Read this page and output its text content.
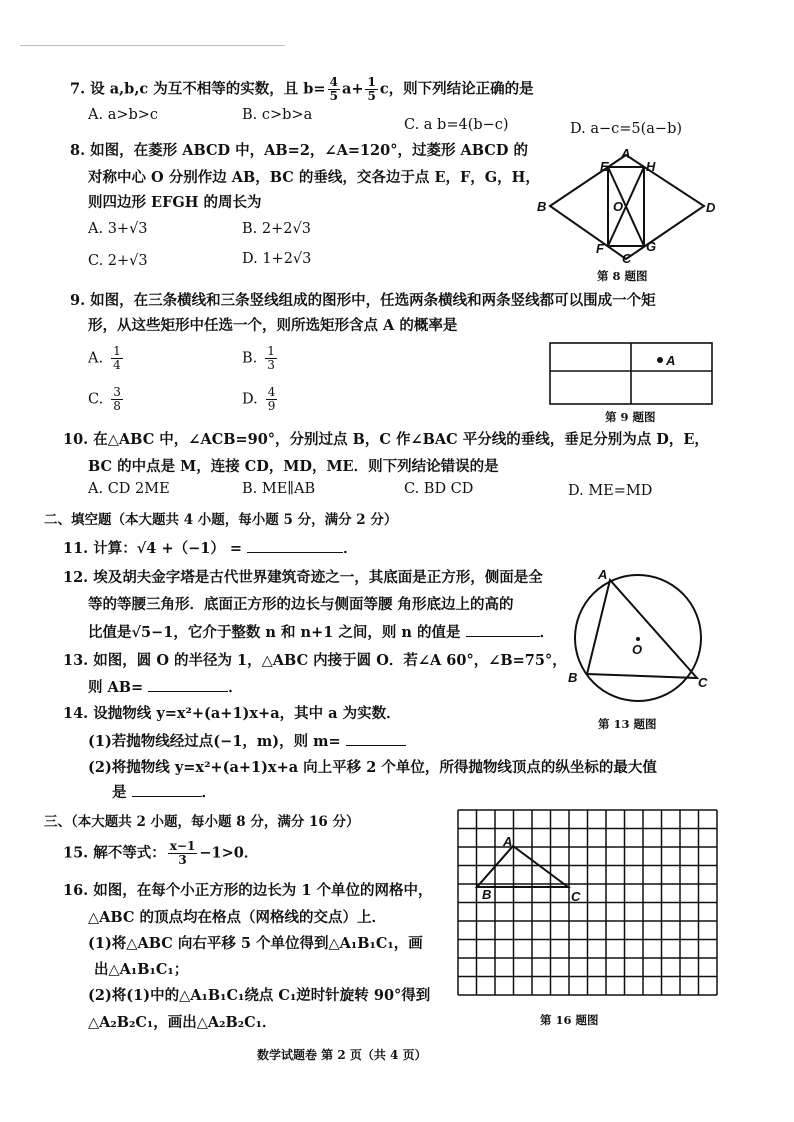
7. 设 a,b,c 为互不相等的实数，且 $b= \frac{4}{5} a+ \frac{1}{5}$ c，则下列结论正确的是
A. a>b>c	B. c>b>a
C. a b=4(b−c)	D. a−c=5(a−b)
8. 如图，在菱形 ABCD 中，AB=2，∠A=120°，过菱形 ABCD 的
对称中心 O 分别作边 AB，BC 的垂线，交各边于点 E，F，G，H，
则四边形 EFGH 的周长为
A. 3+√3	B. 2+2√3
C. 2+√3	D. 1+2√3
E
A
H
B	O	D
F
C
G
第 8 题图
9. 如图，在三条横线和三条竖线组成的图形中，任选两条横线和两条竖线都可以围成一个矩
形，从这些矩形中任选一个，则所选矩形含点 A 的概率是
A. $\frac{1}{4}$	B. $\frac{1}{3}$
C. $\frac{3}{8}$	D. $\frac{4}{9}$
A
第 9 题图
10. 在△ABC 中，∠ACB=90°，分别过点 B，C 作∠BAC 平分线的垂线，垂足分别为点 D，E，
BC 的中点是 M，连接 CD，MD，ME．则下列结论错误的是
A. CD 2ME	B. ME∥AB	C. BD CD	D. ME=MD
二、填空题（本大题共 4 小题，每小题 5 分，满分 2 分）
11. 计算：√4 +（−1） =	．
12. 埃及胡夫金字塔是古代世界建筑奇迹之一，其底面是正方形，侧面是全
等的等腰三角形．底面正方形的边长与侧面等腰 角形底边上的高的
比值是√5−1，它介于整数 n 和 n+1 之间，则 n 的值是	．
13. 如图，圆 O 的半径为 1，△ABC 内接于圆 O．若∠A 60°，∠B=75°，
则 AB=	．
A
B	C
O
第 13 题图
14. 设抛物线 y=x²+(a+1)x+a，其中 a 为实数．
(1)若抛物线经过点(−1，m)，则 m=
(2)将抛物线 y=x²+(a+1)x+a 向上平移 2 个单位，所得抛物线顶点的纵坐标的最大值
是	．
三、（本大题共 2 小题，每小题 8 分，满分 16 分）
15. 解不等式： $\frac{x-1}{3} -1>0$．
16. 如图，在每个小正方形的边长为 1 个单位的网格中，
△ABC 的顶点均在格点（网格线的交点）上．
(1)将△ABC 向右平移 5 个单位得到△A₁B₁C₁，画
出△A₁B₁C₁；
(2)将(1)中的△A₁B₁C₁绕点 C₁逆时针旋转 90°得到
△A₂B₂C₁，画出△A₂B₂C₁．
A
B	C
第 16 题图
数学试题卷 第 2 页（共 4 页）
